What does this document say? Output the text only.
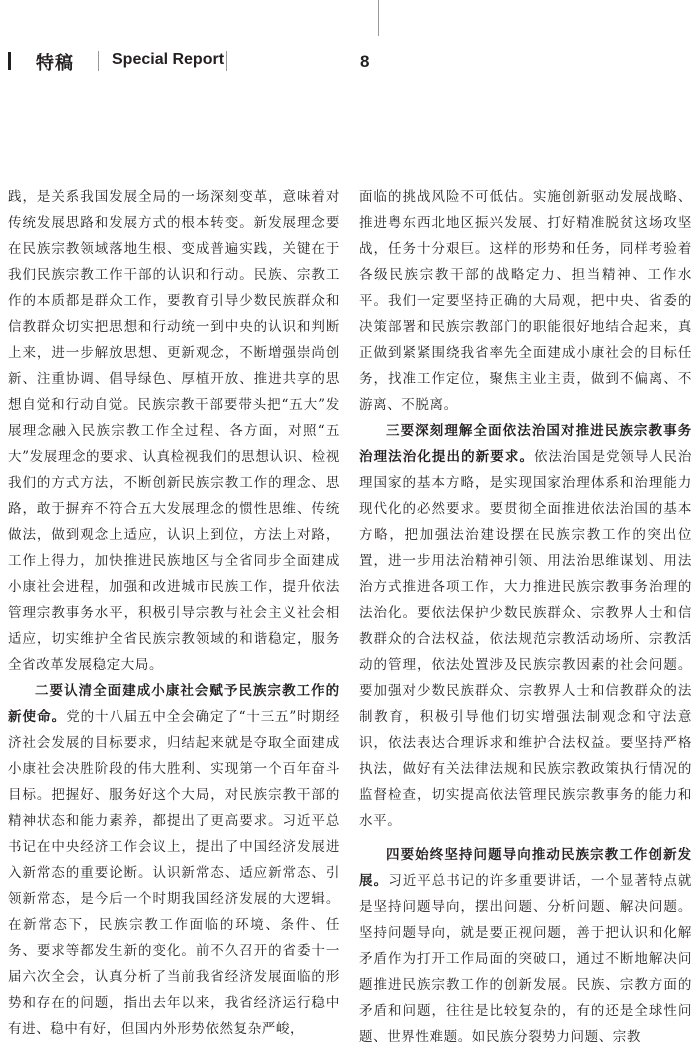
特稿 Special Report	8

践，是关系我国发展全局的一场深刻变革，意味着对传统发展思路和发展方式的根本转变。新发展理念要在民族宗教领域落地生根、变成普遍实践，关键在于我们民族宗教工作干部的认识和行动。民族、宗教工作的本质都是群众工作，要教育引导少数民族群众和信教群众切实把思想和行动统一到中央的认识和判断上来，进一步解放思想、更新观念，不断增强崇尚创新、注重协调、倡导绿色、厚植开放、推进共享的思想自觉和行动自觉。民族宗教干部要带头把“五大”发展理念融入民族宗教工作全过程、各方面，对照“五大”发展理念的要求、认真检视我们的思想认识、检视我们的方式方法，不断创新民族宗教工作的理念、思路，敢于摒弃不符合五大发展理念的惯性思维、传统做法，做到观念上适应，认识上到位，方法上对路，工作上得力，加快推进民族地区与全省同步全面建成小康社会进程，加强和改进城市民族工作，提升依法管理宗教事务水平，积极引导宗教与社会主义社会相适应，切实维护全省民族宗教领域的和谐稳定，服务全省改革发展稳定大局。

二要认清全面建成小康社会赋予民族宗教工作的新使命。党的十八届五中全会确定了“十三五”时期经济社会发展的目标要求，归结起来就是夺取全面建成小康社会决胜阶段的伟大胜利、实现第一个百年奋斗目标。把握好、服务好这个大局，对民族宗教干部的精神状态和能力素养，都提出了更高要求。习近平总书记在中央经济工作会议上，提出了中国经济发展进入新常态的重要论断。认识新常态、适应新常态、引领新常态，是今后一个时期我国经济发展的大逻辑。在新常态下，民族宗教工作面临的环境、条件、任务、要求等都发生新的变化。前不久召开的省委十一届六次全会，认真分析了当前我省经济发展面临的形势和存在的问题，指出去年以来，我省经济运行稳中有进、稳中有好，但国内外形势依然复杂严峻，

面临的挑战风险不可低估。实施创新驱动发展战略、推进粤东西北地区振兴发展、打好精准脱贫这场攻坚战，任务十分艰巨。这样的形势和任务，同样考验着各级民族宗教干部的战略定力、担当精神、工作水平。我们一定要坚持正确的大局观，把中央、省委的决策部署和民族宗教部门的职能很好地结合起来，真正做到紧紧围绕我省率先全面建成小康社会的目标任务，找准工作定位，聚焦主业主责，做到不偏离、不游离、不脱离。

三要深刻理解全面依法治国对推进民族宗教事务治理法治化提出的新要求。依法治国是党领导人民治理国家的基本方略，是实现国家治理体系和治理能力现代化的必然要求。要贯彻全面推进依法治国的基本方略，把加强法治建设摆在民族宗教工作的突出位置，进一步用法治精神引领、用法治思维谋划、用法治方式推进各项工作，大力推进民族宗教事务治理的法治化。要依法保护少数民族群众、宗教界人士和信教群众的合法权益，依法规范宗教活动场所、宗教活动的管理，依法处置涉及民族宗教因素的社会问题。要加强对少数民族群众、宗教界人士和信教群众的法制教育，积极引导他们切实增强法制观念和守法意识，依法表达合理诉求和维护合法权益。要坚持严格执法，做好有关法律法规和民族宗教政策执行情况的监督检查，切实提高依法管理民族宗教事务的能力和水平。

四要始终坚持问题导向推动民族宗教工作创新发展。习近平总书记的许多重要讲话，一个显著特点就是坚持问题导向，摆出问题、分析问题、解决问题。坚持问题导向，就是要正视问题，善于把认识和化解矛盾作为打开工作局面的突破口，通过不断地解决问题推进民族宗教工作的创新发展。民族、宗教方面的矛盾和问题，往往是比较复杂的，有的还是全球性问题、世界性难题。如民族分裂势力问题、宗教
